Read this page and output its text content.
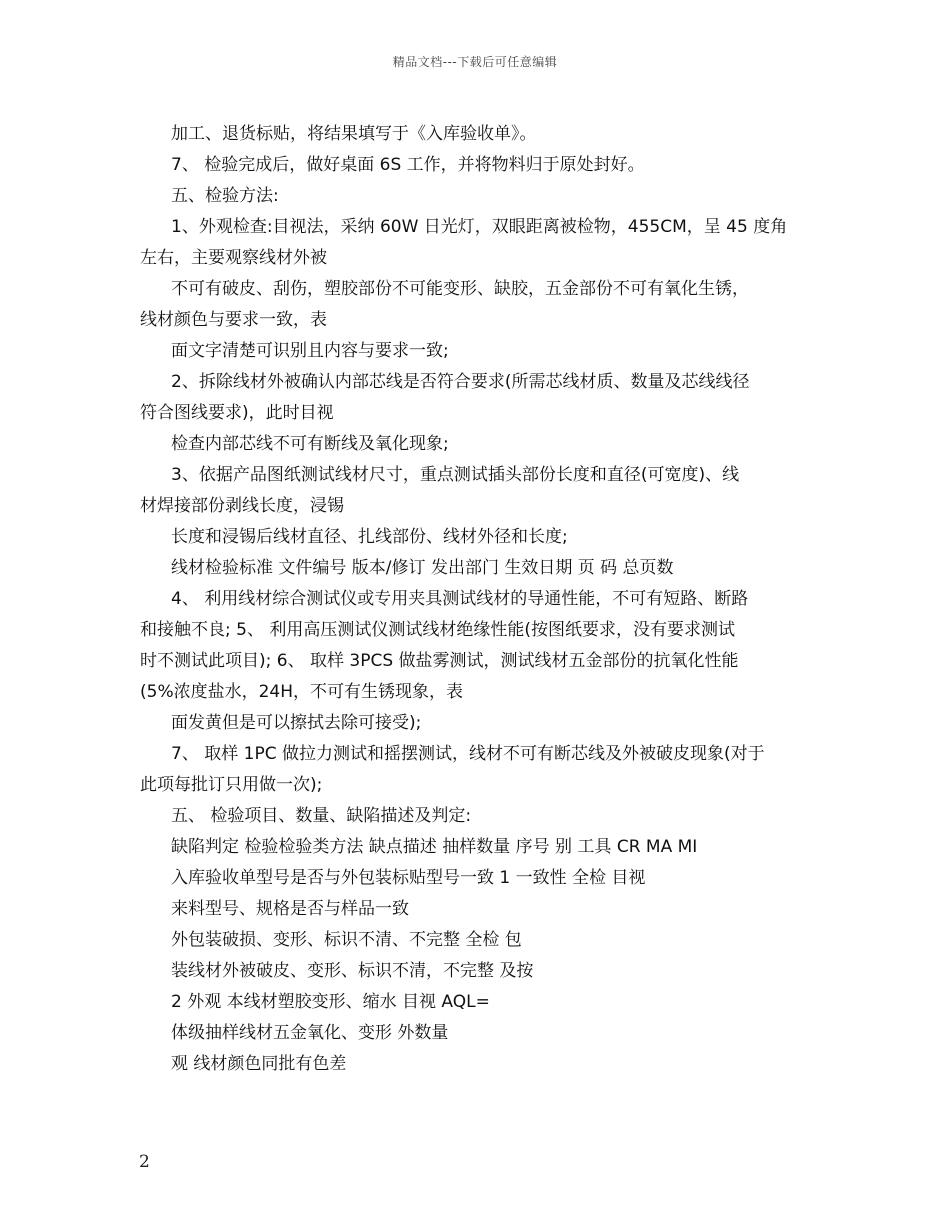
精品文档---下载后可任意编辑

加工、退货标贴，将结果填写于《入库验收单》。

7、 检验完成后，做好桌面 6S 工作，并将物料归于原处封好。

五、检验方法:

1、外观检查:目视法，采纳 60W 日光灯，双眼距离被检物，455CM，呈 45 度角

左右，主要观察线材外被

不可有破皮、刮伤，塑胶部份不可能变形、缺胶，五金部份不可有氧化生锈，

线材颜色与要求一致，表

面文字清楚可识别且内容与要求一致;

2、拆除线材外被确认内部芯线是否符合要求(所需芯线材质、数量及芯线线径

符合图线要求)，此时目视

检查内部芯线不可有断线及氧化现象;

3、依据产品图纸测试线材尺寸，重点测试插头部份长度和直径(可宽度)、线

材焊接部份剥线长度，浸锡

长度和浸锡后线材直径、扎线部份、线材外径和长度;

线材检验标准 文件编号 版本/修订 发出部门 生效日期 页 码 总页数

4、 利用线材综合测试仪或专用夹具测试线材的导通性能，不可有短路、断路

和接触不良; 5、 利用高压测试仪测试线材绝缘性能(按图纸要求，没有要求测试

时不测试此项目); 6、 取样 3PCS 做盐雾测试，测试线材五金部份的抗氧化性能

(5%浓度盐水，24H，不可有生锈现象，表

面发黄但是可以擦拭去除可接受);

7、 取样 1PC 做拉力测试和摇摆测试，线材不可有断芯线及外被破皮现象(对于

此项每批订只用做一次);

五、 检验项目、数量、缺陷描述及判定:

缺陷判定 检验检验类方法 缺点描述 抽样数量 序号 别 工具 CR MA MI

入库验收单型号是否与外包装标贴型号一致 1 一致性 全检 目视

来料型号、规格是否与样品一致

外包装破损、变形、标识不清、不完整 全检 包

装线材外被破皮、变形、标识不清，不完整 及按

2 外观 本线材塑胶变形、缩水 目视 AQL=

体级抽样线材五金氧化、变形 外数量

观 线材颜色同批有色差

2
